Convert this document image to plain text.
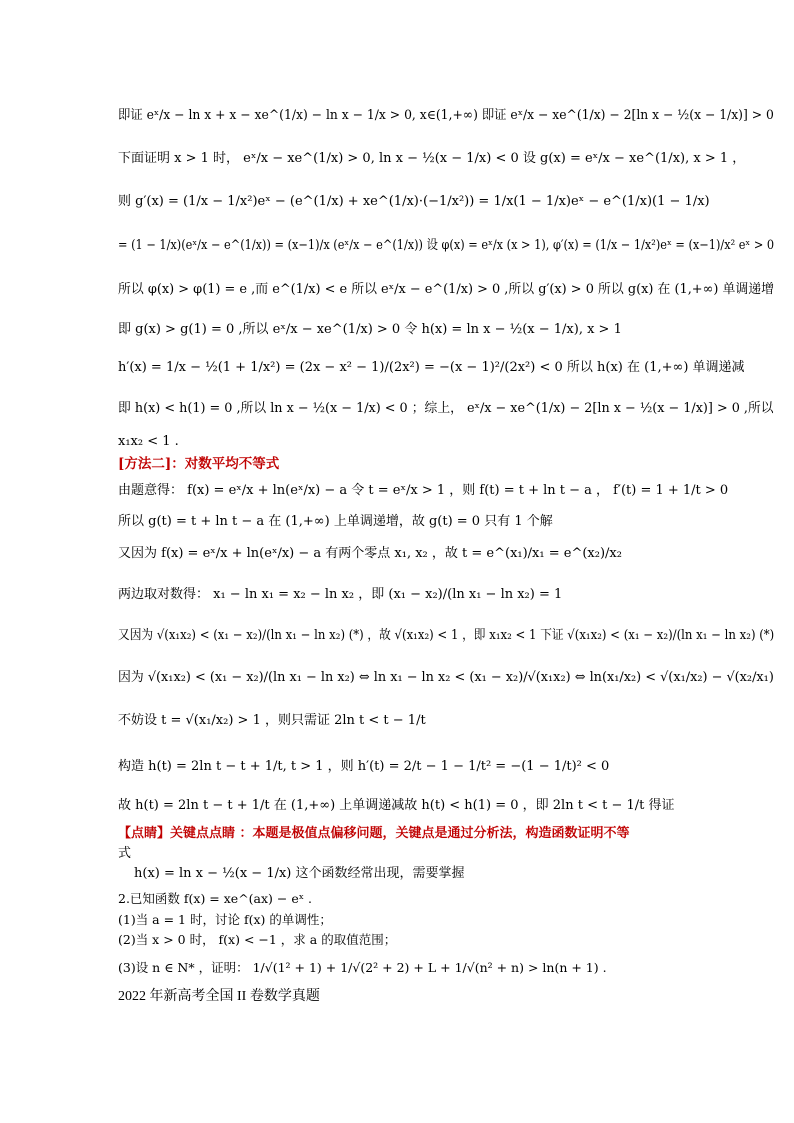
即证 eˣ/x − ln x + x − xe^(1/x) − ln x − 1/x > 0, x∈(1,+∞) 即证 eˣ/x − xe^(1/x) − 2[ln x − ½(x − 1/x)] > 0
下面证明 x > 1 时， eˣ/x − xe^(1/x) > 0, ln x − ½(x − 1/x) < 0 设 g(x) = eˣ/x − xe^(1/x), x > 1 ，
则 g′(x) = (1/x − 1/x²)eˣ − (e^(1/x) + xe^(1/x)·(−1/x²)) = 1/x(1 − 1/x)eˣ − e^(1/x)(1 − 1/x)
= (1 − 1/x)(eˣ/x − e^(1/x)) = (x−1)/x (eˣ/x − e^(1/x)) 设 φ(x) = eˣ/x (x > 1), φ′(x) = (1/x − 1/x²)eˣ = (x−1)/x² eˣ > 0
所以 φ(x) > φ(1) = e ,而 e^(1/x) < e 所以 eˣ/x − e^(1/x) > 0 ,所以 g′(x) > 0 所以 g(x) 在 (1,+∞) 单调递增
即 g(x) > g(1) = 0 ,所以 eˣ/x − xe^(1/x) > 0 令 h(x) = ln x − ½(x − 1/x), x > 1
h′(x) = 1/x − ½(1 + 1/x²) = (2x − x² − 1)/(2x²) = −(x − 1)²/(2x²) < 0 所以 h(x) 在 (1,+∞) 单调递减
即 h(x) < h(1) = 0 ,所以 ln x − ½(x − 1/x) < 0 ；综上， eˣ/x − xe^(1/x) − 2[ln x − ½(x − 1/x)] > 0 ,所以
x₁x₂ < 1 .
[方法二]：对数平均不等式
由题意得： f(x) = eˣ/x + ln(eˣ/x) − a 令 t = eˣ/x > 1 ，则 f(t) = t + ln t − a ， f′(t) = 1 + 1/t > 0
所以 g(t) = t + ln t − a 在 (1,+∞) 上单调递增，故 g(t) = 0 只有 1 个解
又因为 f(x) = eˣ/x + ln(eˣ/x) − a 有两个零点 x₁, x₂ ，故 t = e^(x₁)/x₁ = e^(x₂)/x₂
两边取对数得： x₁ − ln x₁ = x₂ − ln x₂ ，即 (x₁ − x₂)/(ln x₁ − ln x₂) = 1
又因为 √(x₁x₂) < (x₁ − x₂)/(ln x₁ − ln x₂) (*) ，故 √(x₁x₂) < 1 ，即 x₁x₂ < 1 下证 √(x₁x₂) < (x₁ − x₂)/(ln x₁ − ln x₂) (*)
因为 √(x₁x₂) < (x₁ − x₂)/(ln x₁ − ln x₂) ⇔ ln x₁ − ln x₂ < (x₁ − x₂)/√(x₁x₂) ⇔ ln(x₁/x₂) < √(x₁/x₂) − √(x₂/x₁)
不妨设 t = √(x₁/x₂) > 1 ，则只需证 2ln t < t − 1/t
构造 h(t) = 2ln t − t + 1/t, t > 1 ，则 h′(t) = 2/t − 1 − 1/t² = −(1 − 1/t)² < 0
故 h(t) = 2ln t − t + 1/t 在 (1,+∞) 上单调递减故 h(t) < h(1) = 0 ，即 2ln t < t − 1/t 得证
【点睛】关键点点睛 ：本题是极值点偏移问题，关键点是通过分析法，构造函数证明不等
式
h(x) = ln x − ½(x − 1/x) 这个函数经常出现，需要掌握
2.已知函数 f(x) = xe^(ax) − eˣ .
(1)当 a = 1 时，讨论 f(x) 的单调性；
(2)当 x > 0 时， f(x) < −1 ，求 a 的取值范围；
(3)设 n ∈ N* ，证明： 1/√(1² + 1) + 1/√(2² + 2) + L + 1/√(n² + n) > ln(n + 1) .
2022 年新高考全国 II 卷数学真题
